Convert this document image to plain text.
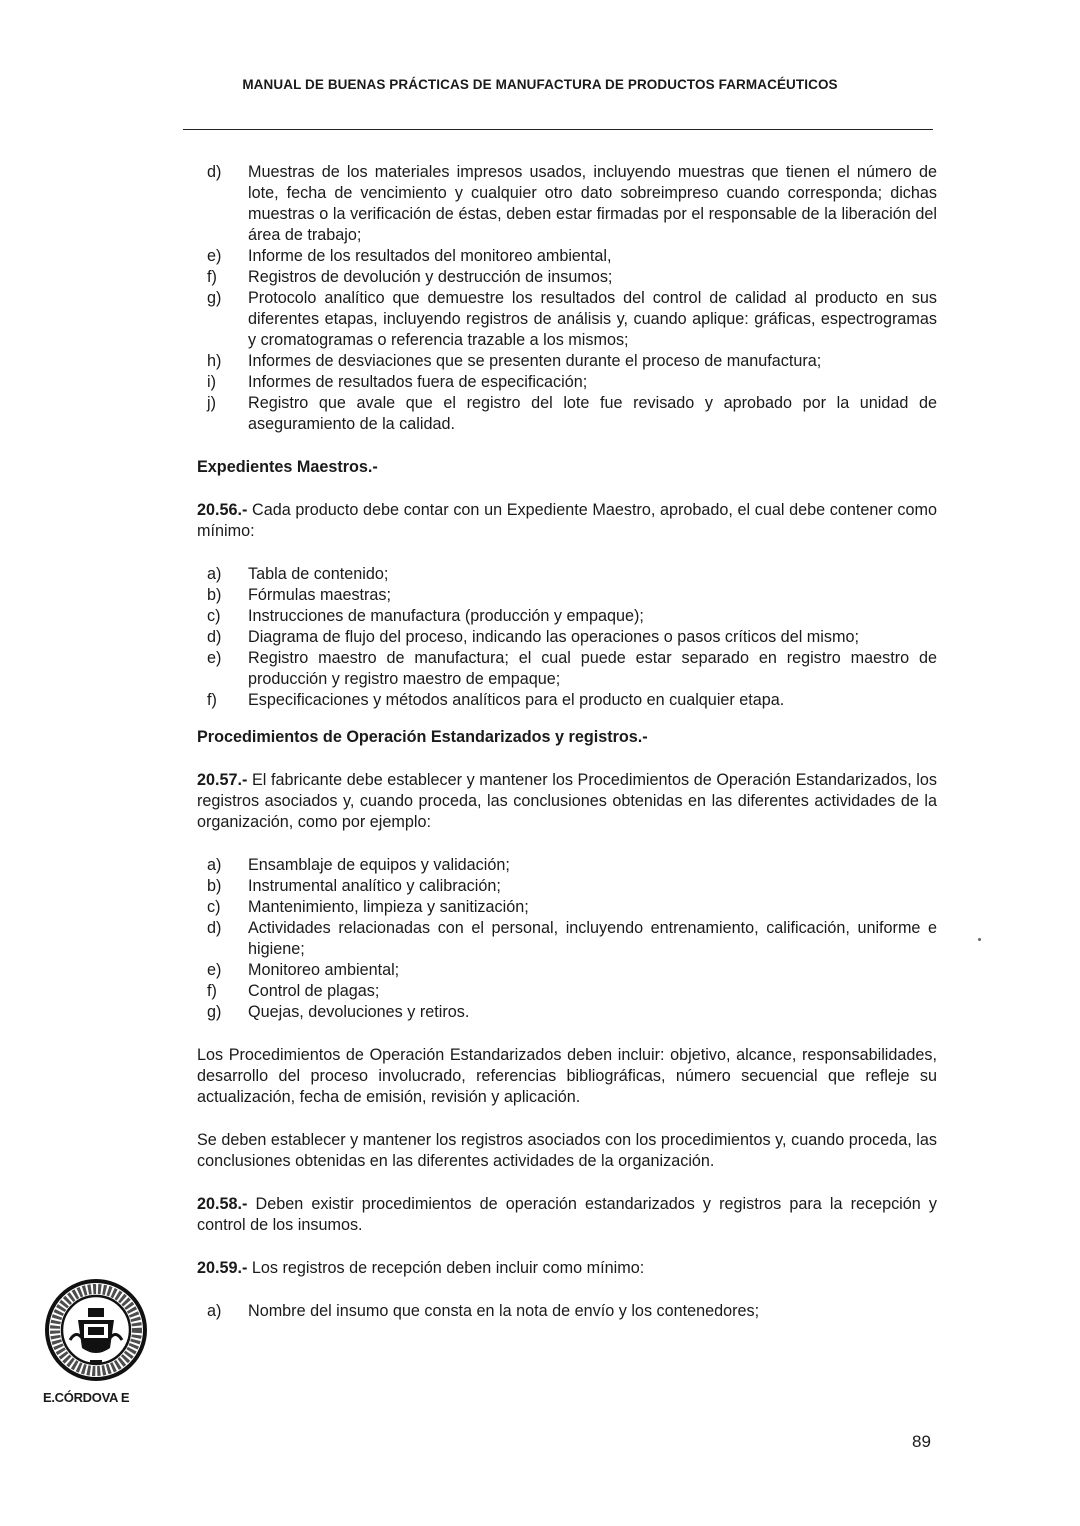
MANUAL DE BUENAS PRÁCTICAS DE MANUFACTURA DE PRODUCTOS FARMACÉUTICOS
d) Muestras de los materiales impresos usados, incluyendo muestras que tienen el número de lote, fecha de vencimiento y cualquier otro dato sobreimpreso cuando corresponda; dichas muestras o la verificación de éstas, deben estar firmadas por el responsable de la liberación del área de trabajo;
e) Informe de los resultados del monitoreo ambiental,
f) Registros de devolución y destrucción de insumos;
g) Protocolo analítico que demuestre los resultados del control de calidad al producto en sus diferentes etapas, incluyendo registros de análisis y, cuando aplique: gráficas, espectrogramas y cromatogramas o referencia trazable a los mismos;
h) Informes de desviaciones que se presenten durante el proceso de manufactura;
i) Informes de resultados fuera de especificación;
j) Registro que avale que el registro del lote fue revisado y aprobado por la unidad de aseguramiento de la calidad.

Expedientes Maestros.-

20.56.- Cada producto debe contar con un Expediente Maestro, aprobado, el cual debe contener como mínimo:

a) Tabla de contenido;
b) Fórmulas maestras;
c) Instrucciones de manufactura (producción y empaque);
d) Diagrama de flujo del proceso, indicando las operaciones o pasos críticos del mismo;
e) Registro maestro de manufactura; el cual puede estar separado en registro maestro de producción y registro maestro de empaque;
f) Especificaciones y métodos analíticos para el producto en cualquier etapa.

Procedimientos de Operación Estandarizados y registros.-

20.57.- El fabricante debe establecer y mantener los Procedimientos de Operación Estandarizados, los registros asociados y, cuando proceda, las conclusiones obtenidas en las diferentes actividades de la organización, como por ejemplo:

a) Ensamblaje de equipos y validación;
b) Instrumental analítico y calibración;
c) Mantenimiento, limpieza y sanitización;
d) Actividades relacionadas con el personal, incluyendo entrenamiento, calificación, uniforme e higiene;
e) Monitoreo ambiental;
f) Control de plagas;
g) Quejas, devoluciones y retiros.

Los Procedimientos de Operación Estandarizados deben incluir: objetivo, alcance, responsabilidades, desarrollo del proceso involucrado, referencias bibliográficas, número secuencial que refleje su actualización, fecha de emisión, revisión y aplicación.

Se deben establecer y mantener los registros asociados con los procedimientos y, cuando proceda, las conclusiones obtenidas en las diferentes actividades de la organización.

20.58.- Deben existir procedimientos de operación estandarizados y registros para la recepción y control de los insumos.

20.59.- Los registros de recepción deben incluir como mínimo:

a) Nombre del insumo que consta en la nota de envío y los contenedores;
E.CÓRDOVA E
89
